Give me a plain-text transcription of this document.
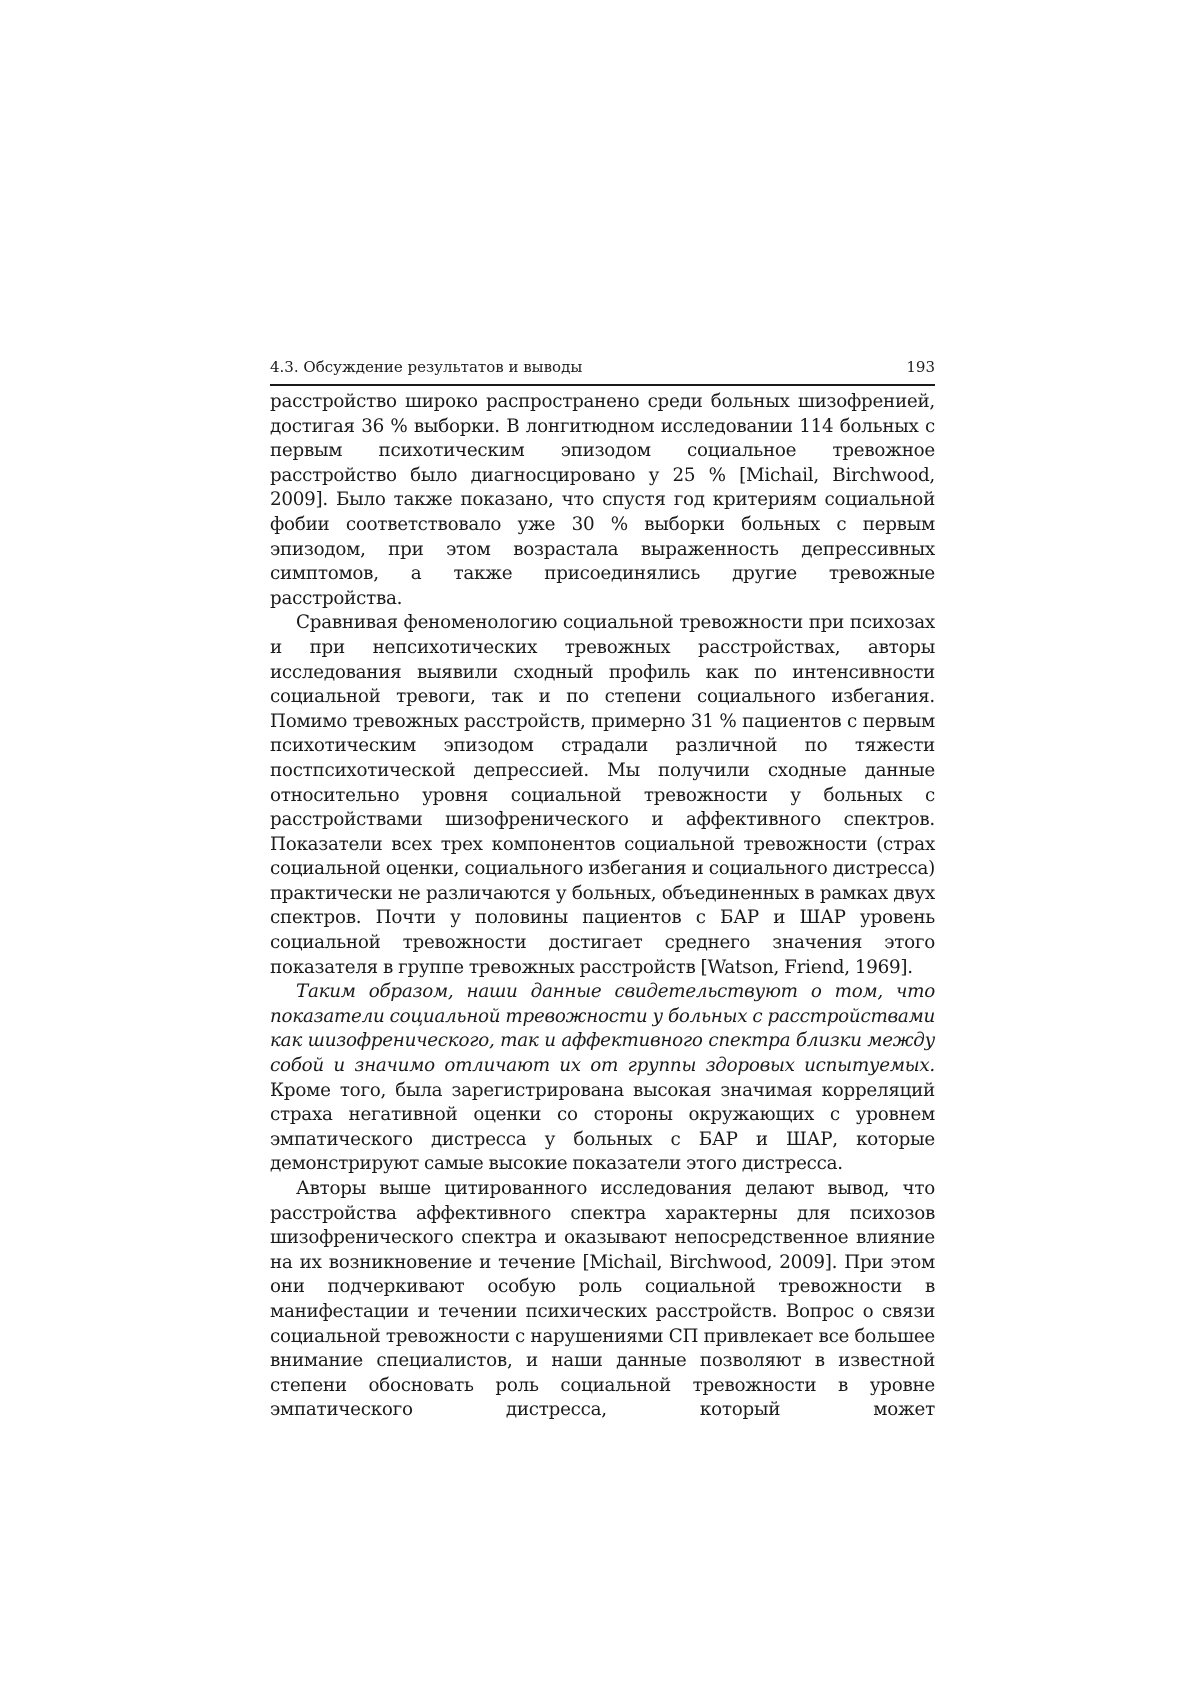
4.3. Обсуждение результатов и выводы	193

расстройство широко распространено среди больных шизофренией, достигая 36 % выборки. В лонгитюдном исследовании 114 больных с первым психотическим эпизодом социальное тревожное расстройство было диагносцировано у 25 % [Michail, Birchwood, 2009]. Было также показано, что спустя год критериям социальной фобии соответствовало уже 30 % выборки больных с первым эпизодом, при этом возрастала выраженность депрессивных симптомов, а также присоединялись другие тревожные расстройства.

Сравнивая феноменологию социальной тревожности при психозах и при непсихотических тревожных расстройствах, авторы исследования выявили сходный профиль как по интенсивности социальной тревоги, так и по степени социального избегания. Помимо тревожных расстройств, примерно 31 % пациентов с первым психотическим эпизодом страдали различной по тяжести постпсихотической депрессией. Мы получили сходные данные относительно уровня социальной тревожности у больных с расстройствами шизофренического и аффективного спектров. Показатели всех трех компонентов социальной тревожности (страх социальной оценки, социального избегания и социального дистресса) практически не различаются у больных, объединенных в рамках двух спектров. Почти у половины пациентов с БАР и ШАР уровень социальной тревожности достигает среднего значения этого показателя в группе тревожных расстройств [Watson, Friend, 1969].

Таким образом, наши данные свидетельствуют о том, что показатели социальной тревожности у больных с расстройствами как шизофренического, так и аффективного спектра близки между собой и значимо отличают их от группы здоровых испытуемых. Кроме того, была зарегистрирована высокая значимая корреляций страха негативной оценки со стороны окружающих с уровнем эмпатического дистресса у больных с БАР и ШАР, которые демонстрируют самые высокие показатели этого дистресса.

Авторы выше цитированного исследования делают вывод, что расстройства аффективного спектра характерны для психозов шизофренического спектра и оказывают непосредственное влияние на их возникновение и течение [Michail, Birchwood, 2009]. При этом они подчеркивают особую роль социальной тревожности в манифестации и течении психических расстройств. Вопрос о связи социальной тревожности с нарушениями СП привлекает все большее внимание специалистов, и наши данные позволяют в известной степени обосновать роль социальной тревожности в уровне эмпатического дистресса, который может
